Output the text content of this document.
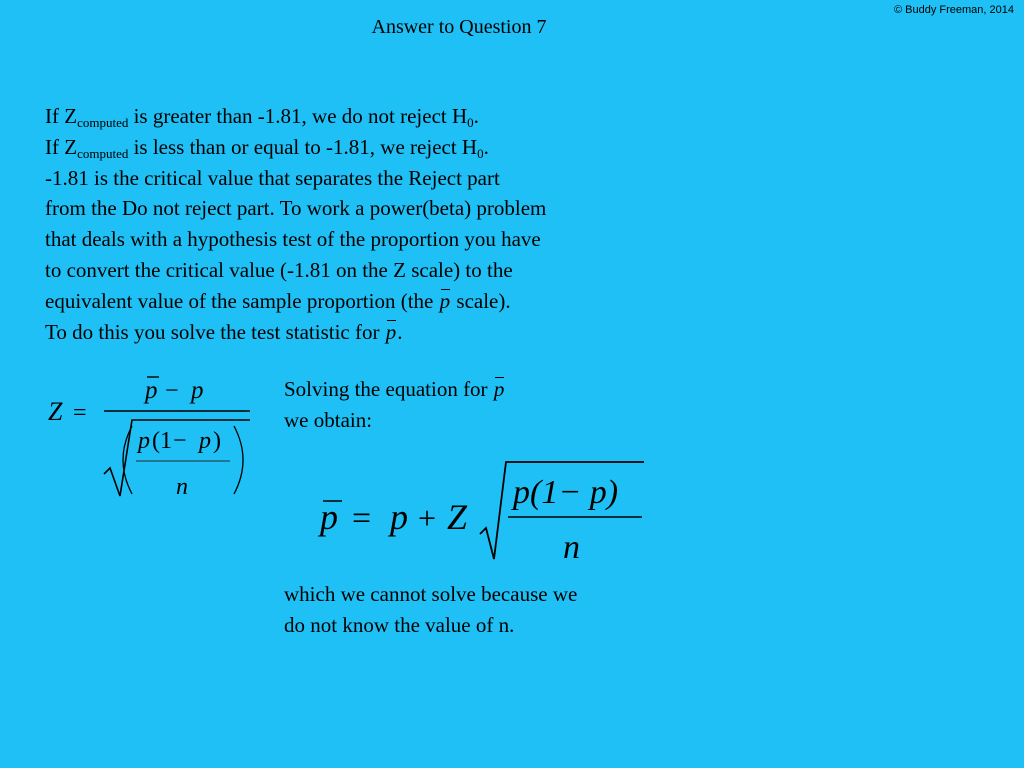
© Buddy Freeman, 2014
Answer to Question 7
If $Z_{computed}$ is greater than -1.81, we do not reject $H_0$.
If $Z_{computed}$ is less than or equal to -1.81, we reject $H_0$.
-1.81 is the critical value that separates the Reject part
from the Do not reject part. To work a power(beta) problem
that deals with a hypothesis test of the proportion you have
to convert the critical value (-1.81 on the Z scale) to the
equivalent value of the sample proportion (the p scale).
To do this you solve the test statistic for p.
Z =
p − p
p ( 1 − p )
n
Solving the equation for p
we obtain:
p = p + Z
p(1− p)
n
which we cannot solve because we
do not know the value of n.
